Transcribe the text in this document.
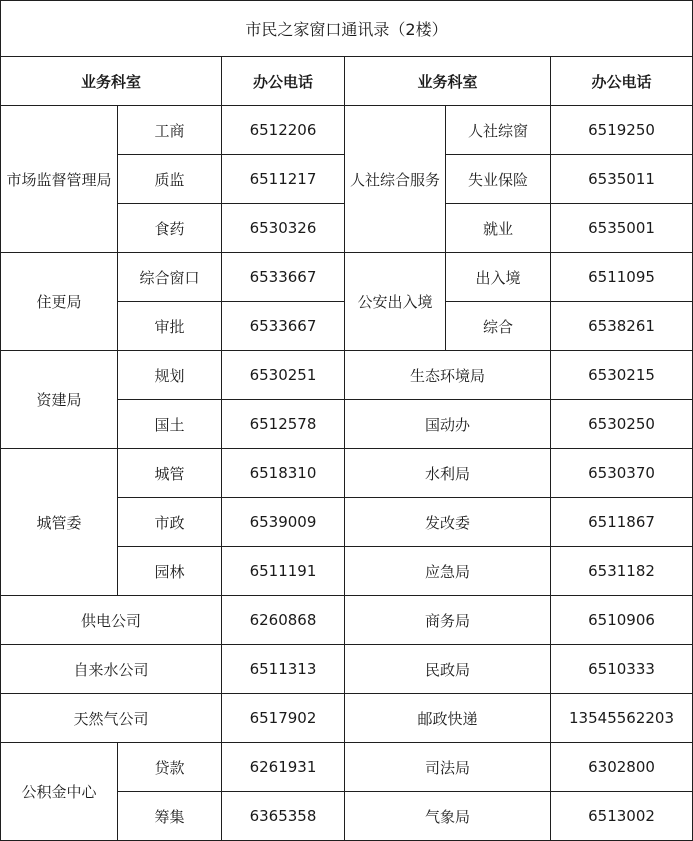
市民之家窗口通讯录（2楼）					
业务科室		办公电话	业务科室		办公电话
市场监督管理局	工商	6512206	人社综合服务	人社综窗	6519250
	质监	6511217		失业保险	6535011
	食药	6530326		就业	6535001
住更局	综合窗口	6533667	公安出入境	出入境	6511095
	审批	6533667		综合	6538261
资建局	规划	6530251	生态环境局		6530215
	国土	6512578	国动办		6530250
城管委	城管	6518310	水利局		6530370
	市政	6539009	发改委		6511867
	园林	6511191	应急局		6531182
供电公司		6260868	商务局		6510906
自来水公司		6511313	民政局		6510333
天然气公司		6517902	邮政快递		13545562203
公积金中心	贷款	6261931	司法局		6302800
	筹集	6365358	气象局		6513002
